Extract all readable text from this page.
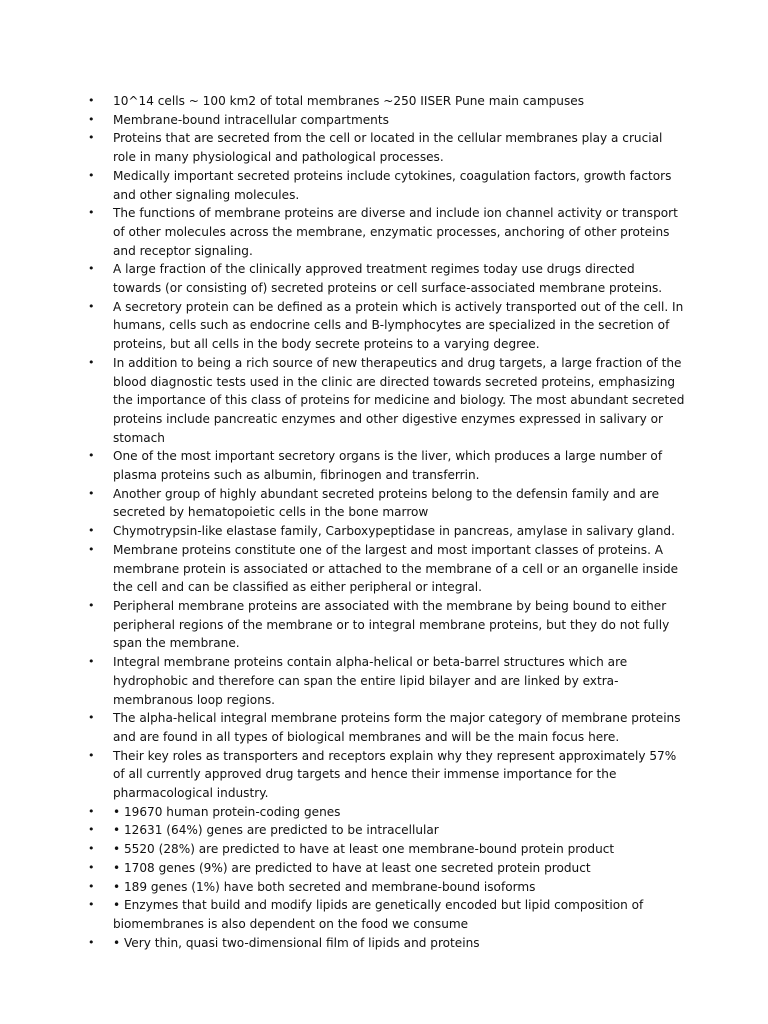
• 10^14 cells ~ 100 km2 of total membranes ~250 IISER Pune main campuses
• Membrane-bound intracellular compartments
• Proteins that are secreted from the cell or located in the cellular membranes play a crucial role in many physiological and pathological processes.
• Medically important secreted proteins include cytokines, coagulation factors, growth factors and other signaling molecules.
• The functions of membrane proteins are diverse and include ion channel activity or transport of other molecules across the membrane, enzymatic processes, anchoring of other proteins and receptor signaling.
• A large fraction of the clinically approved treatment regimes today use drugs directed towards (or consisting of) secreted proteins or cell surface-associated membrane proteins.
• A secretory protein can be defined as a protein which is actively transported out of the cell. In humans, cells such as endocrine cells and B-lymphocytes are specialized in the secretion of proteins, but all cells in the body secrete proteins to a varying degree.
• In addition to being a rich source of new therapeutics and drug targets, a large fraction of the blood diagnostic tests used in the clinic are directed towards secreted proteins, emphasizing the importance of this class of proteins for medicine and biology. The most abundant secreted proteins include pancreatic enzymes and other digestive enzymes expressed in salivary or stomach
• One of the most important secretory organs is the liver, which produces a large number of plasma proteins such as albumin, fibrinogen and transferrin.
• Another group of highly abundant secreted proteins belong to the defensin family and are secreted by hematopoietic cells in the bone marrow
• Chymotrypsin-like elastase family, Carboxypeptidase in pancreas, amylase in salivary gland.
• Membrane proteins constitute one of the largest and most important classes of proteins. A membrane protein is associated or attached to the membrane of a cell or an organelle inside the cell and can be classified as either peripheral or integral.
• Peripheral membrane proteins are associated with the membrane by being bound to either peripheral regions of the membrane or to integral membrane proteins, but they do not fully span the membrane.
• Integral membrane proteins contain alpha-helical or beta-barrel structures which are hydrophobic and therefore can span the entire lipid bilayer and are linked by extra-membranous loop regions.
• The alpha-helical integral membrane proteins form the major category of membrane proteins and are found in all types of biological membranes and will be the main focus here.
• Their key roles as transporters and receptors explain why they represent approximately 57% of all currently approved drug targets and hence their immense importance for the pharmacological industry.
• • 19670 human protein-coding genes
• • 12631 (64%) genes are predicted to be intracellular
• • 5520 (28%) are predicted to have at least one membrane-bound protein product
• • 1708 genes (9%) are predicted to have at least one secreted protein product
• • 189 genes (1%) have both secreted and membrane-bound isoforms
• • Enzymes that build and modify lipids are genetically encoded but lipid composition of biomembranes is also dependent on the food we consume
• • Very thin, quasi two-dimensional film of lipids and proteins
